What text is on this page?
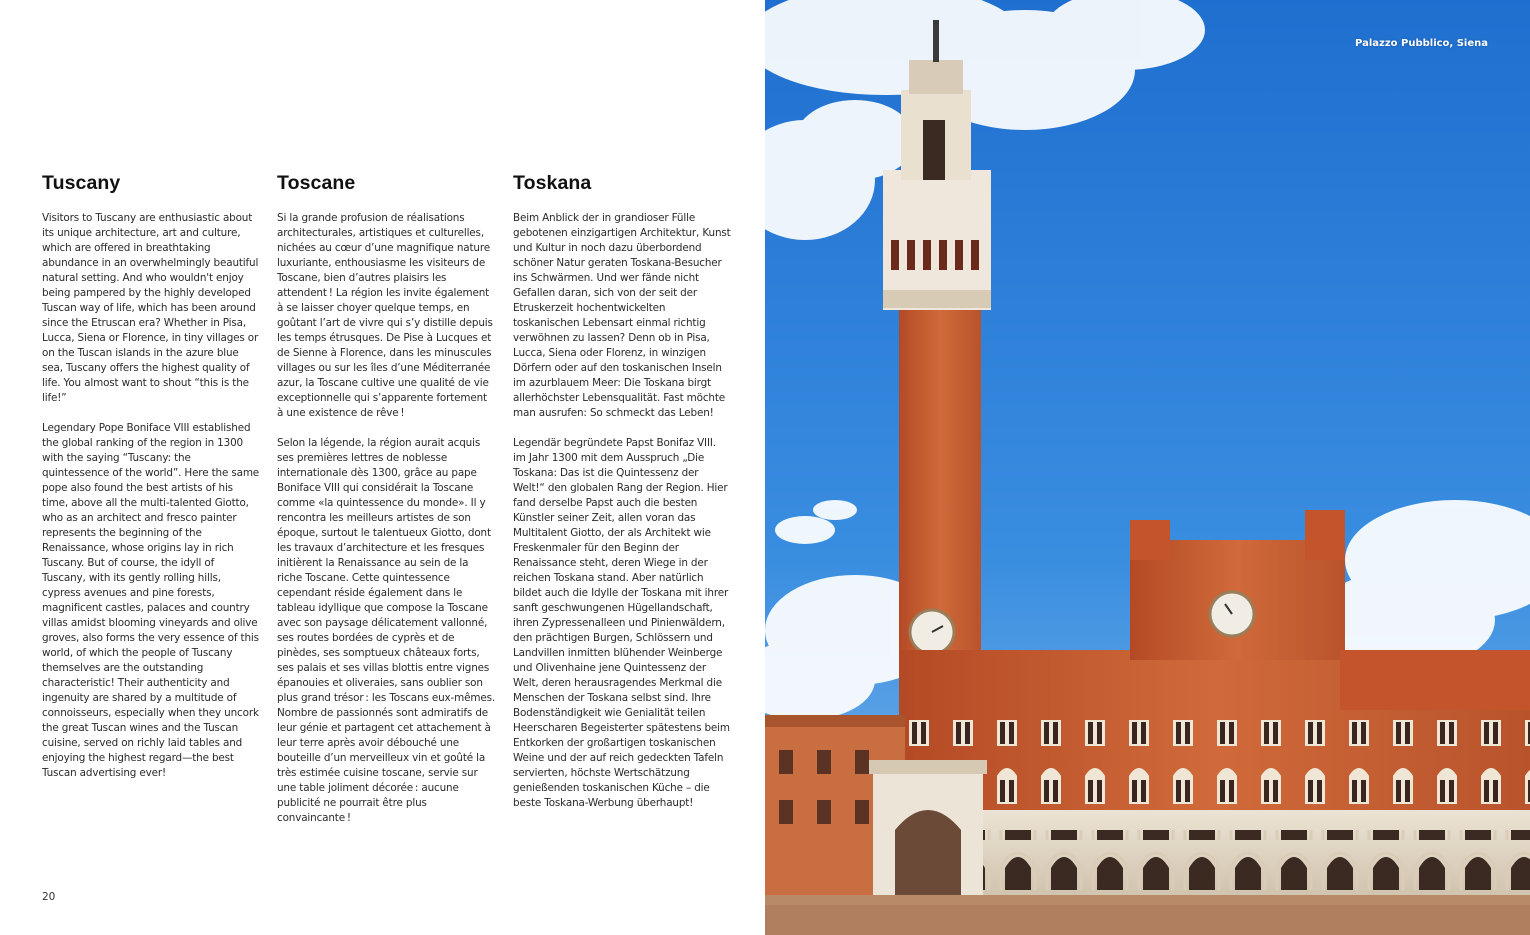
Tuscany

Visitors to Tuscany are enthusiastic about its unique architecture, art and culture, which are offered in breathtaking abundance in an overwhelmingly beautiful natural setting. And who wouldn't enjoy being pampered by the highly developed Tuscan way of life, which has been around since the Etruscan era? Whether in Pisa, Lucca, Siena or Florence, in tiny villages or on the Tuscan islands in the azure blue sea, Tuscany offers the highest quality of life. You almost want to shout “this is the life!”

Legendary Pope Boniface VIII established the global ranking of the region in 1300 with the saying “Tuscany: the quintessence of the world”. Here the same pope also found the best artists of his time, above all the multi-talented Giotto, who as an architect and fresco painter represents the beginning of the Renaissance, whose origins lay in rich Tuscany. But of course, the idyll of Tuscany, with its gently rolling hills, cypress avenues and pine forests, magnificent castles, palaces and country villas amidst blooming vineyards and olive groves, also forms the very essence of this world, of which the people of Tuscany themselves are the outstanding characteristic! Their authenticity and ingenuity are shared by a multitude of connoisseurs, especially when they uncork the great Tuscan wines and the Tuscan cuisine, served on richly laid tables and enjoying the highest regard—the best Tuscan advertising ever!

Toscane

Si la grande profusion de réalisations architecturales, artistiques et culturelles, nichées au cœur d’une magnifique nature luxuriante, enthousiasme les visiteurs de Toscane, bien d’autres plaisirs les attendent ! La région les invite également à se laisser choyer quelque temps, en goûtant l’art de vivre qui s’y distille depuis les temps étrusques. De Pise à Lucques et de Sienne à Florence, dans les minuscules villages ou sur les îles d’une Méditerranée azur, la Toscane cultive une qualité de vie exceptionnelle qui s’apparente fortement à une existence de rêve !

Selon la légende, la région aurait acquis ses premières lettres de noblesse internationale dès 1300, grâce au pape Boniface VIII qui considérait la Toscane comme «la quintessence du monde». Il y rencontra les meilleurs artistes de son époque, surtout le talentueux Giotto, dont les travaux d’architecture et les fresques initièrent la Renaissance au sein de la riche Toscane. Cette quintessence cependant réside également dans le tableau idyllique que compose la Toscane avec son paysage délicatement vallonné, ses routes bordées de cyprès et de pinèdes, ses somptueux châteaux forts, ses palais et ses villas blottis entre vignes épanouies et oliveraies, sans oublier son plus grand trésor : les Toscans eux-mêmes. Nombre de passionnés sont admiratifs de leur génie et partagent cet attachement à leur terre après avoir débouché une bouteille d’un merveilleux vin et goûté la très estimée cuisine toscane, servie sur une table joliment décorée : aucune publicité ne pourrait être plus convaincante !

Toskana

Beim Anblick der in grandioser Fülle gebotenen einzigartigen Architektur, Kunst und Kultur in noch dazu überbordend schöner Natur geraten Toskana-Besucher ins Schwärmen. Und wer fände nicht Gefallen daran, sich von der seit der Etruskerzeit hochentwickelten toskanischen Lebensart einmal richtig verwöhnen zu lassen? Denn ob in Pisa, Lucca, Siena oder Florenz, in winzigen Dörfern oder auf den toskanischen Inseln im azurblauem Meer: Die Toskana birgt allerhöchster Lebensqualität. Fast möchte man ausrufen: So schmeckt das Leben!

Legendär begründete Papst Bonifaz VIII. im Jahr 1300 mit dem Ausspruch „Die Toskana: Das ist die Quintessenz der Welt!“ den globalen Rang der Region. Hier fand derselbe Papst auch die besten Künstler seiner Zeit, allen voran das Multitalent Giotto, der als Architekt wie Freskenmaler für den Beginn der Renaissance steht, deren Wiege in der reichen Toskana stand. Aber natürlich bildet auch die Idylle der Toskana mit ihrer sanft geschwungenen Hügellandschaft, ihren Zypressenalleen und Pinienwäldern, den prächtigen Burgen, Schlössern und Landvillen inmitten blühender Weinberge und Olivenhaine jene Quintessenz der Welt, deren herausragendes Merkmal die Menschen der Toskana selbst sind. Ihre Bodenständigkeit wie Genialität teilen Heerscharen Begeisterter spätestens beim Entkorken der großartigen toskanischen Weine und der auf reich gedeckten Tafeln servierten, höchste Wertschätzung genießenden toskanischen Küche – die beste Toskana-Werbung überhaupt!

20
Palazzo Pubblico, Siena
